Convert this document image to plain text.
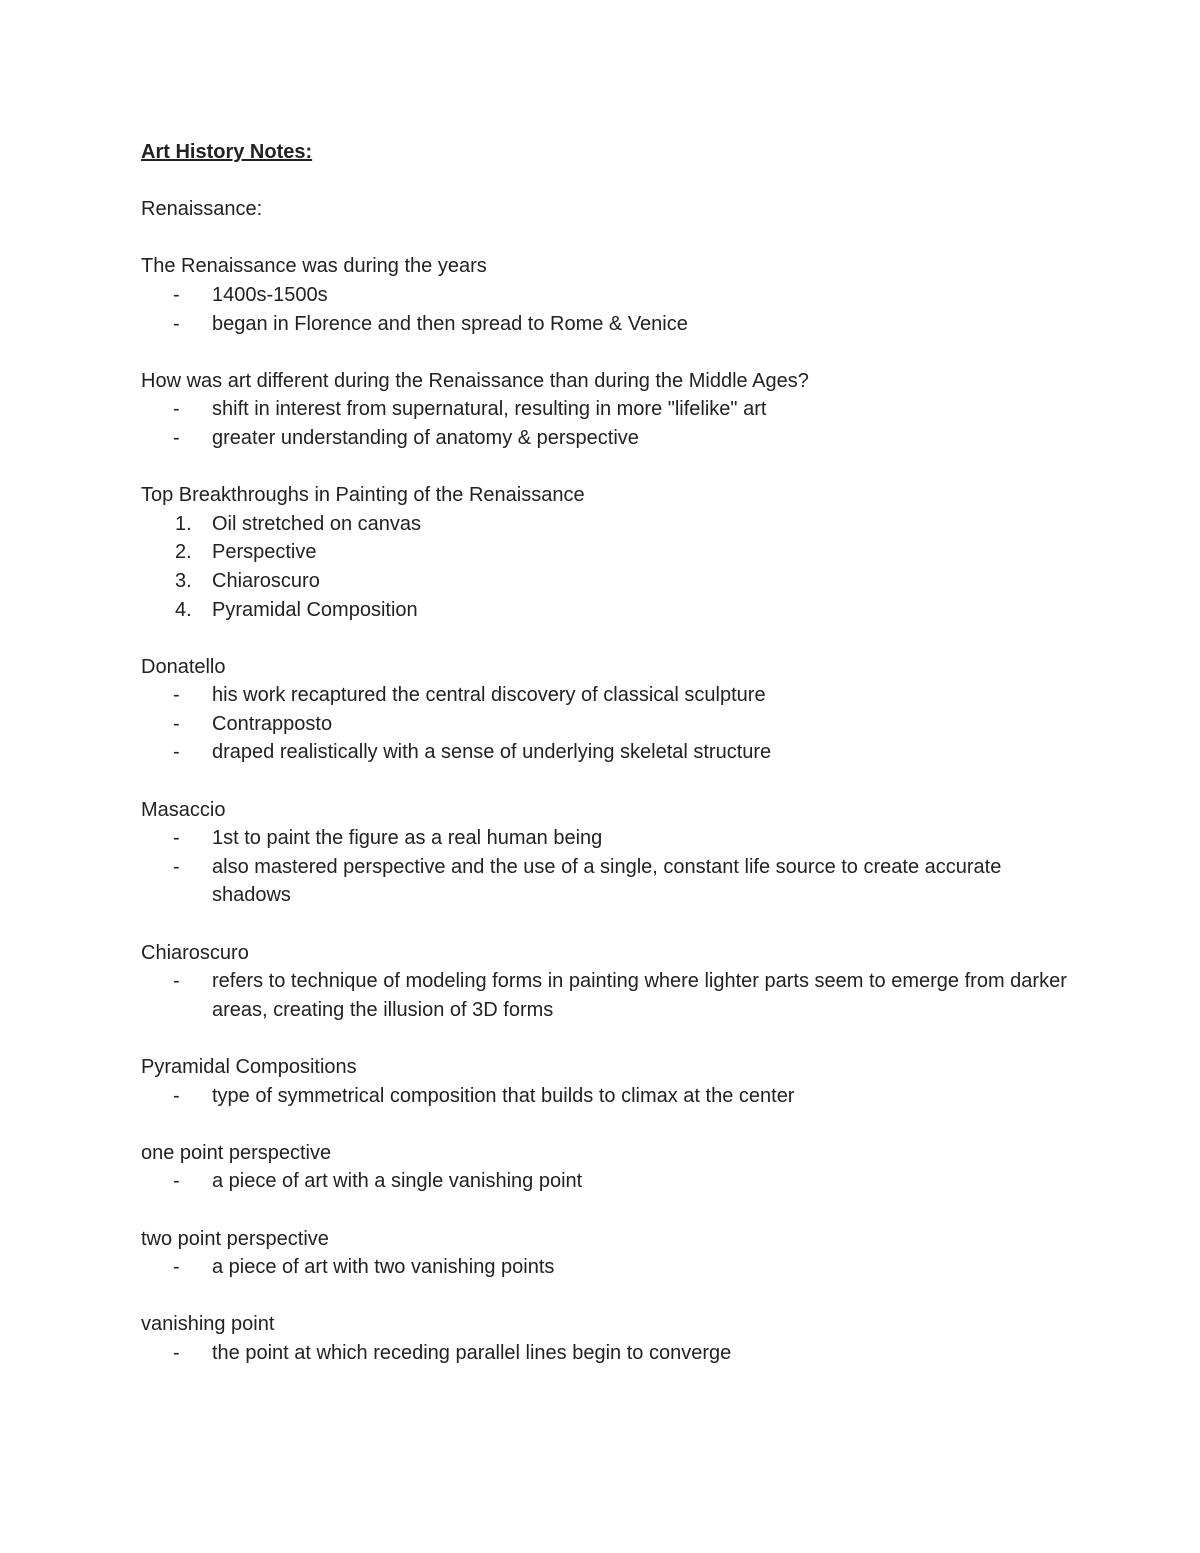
Art History Notes:

Renaissance:

The Renaissance was during the years

-	1400s-1500s
-	began in Florence and then spread to Rome & Venice

How was art different during the Renaissance than during the Middle Ages?

-	shift in interest from supernatural, resulting in more "lifelike" art
-	greater understanding of anatomy & perspective

Top Breakthroughs in Painting of the Renaissance

1.	Oil stretched on canvas
2.	Perspective
3.	Chiaroscuro
4.	Pyramidal Composition

Donatello

-	his work recaptured the central discovery of classical sculpture
-	Contrapposto
-	draped realistically with a sense of underlying skeletal structure

Masaccio

-	1st to paint the figure as a real human being
-	also mastered perspective and the use of a single, constant life source to create accurate shadows

Chiaroscuro

-	refers to technique of modeling forms in painting where lighter parts seem to emerge from darker areas, creating the illusion of 3D forms

Pyramidal Compositions

-	type of symmetrical composition that builds to climax at the center

one point perspective

-	a piece of art with a single vanishing point

two point perspective

-	a piece of art with two vanishing points

vanishing point

-	the point at which receding parallel lines begin to converge
